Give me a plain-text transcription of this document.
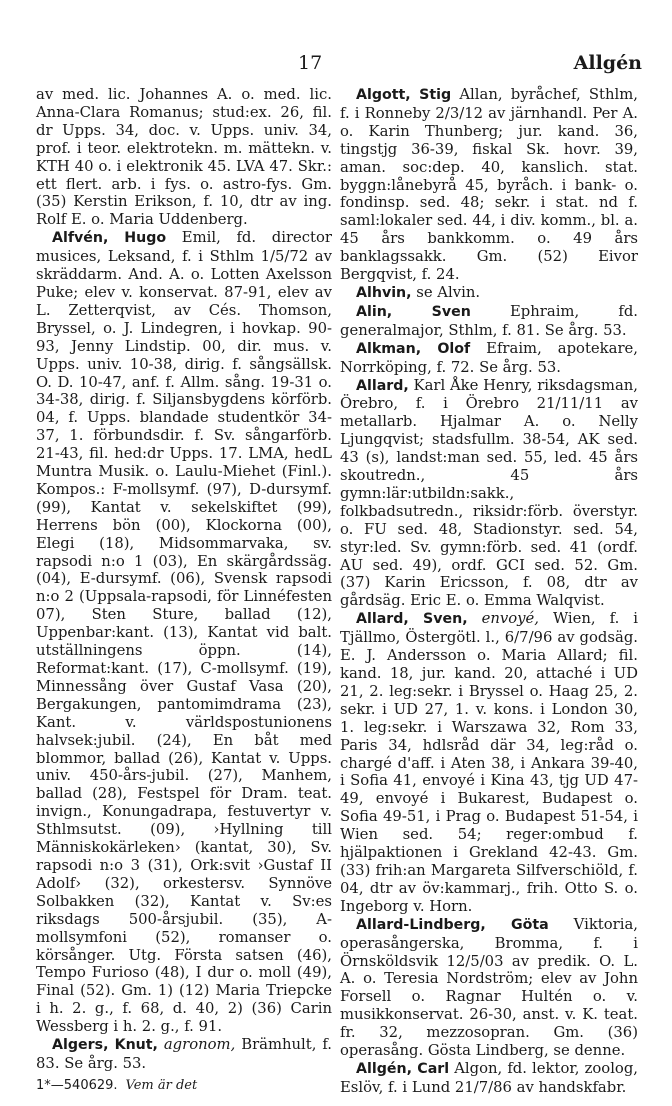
17	Allgén

av med. lic. Johannes A. o. med. lic. Anna-Clara Romanus; stud:ex. 26, fil. dr Upps. 34, doc. v. Upps. univ. 34, prof. i teor. elektrotekn. m. mättekn. v. KTH 40 o. i elektronik 45. LVA 47. Skr.: ett flert. arb. i fys. o. astro-fys. Gm. (35) Kerstin Erikson, f. 10, dtr av ing. Rolf E. o. Maria Uddenberg.

Alfvén, Hugo Emil, fd. director musices, Leksand, f. i Sthlm 1/5/72 av skräddarm. And. A. o. Lotten Axelsson Puke; elev v. konservat. 87-91, elev av L. Zetterqvist, av Cés. Thomson, Bryssel, o. J. Lindegren, i hovkap. 90-93, Jenny Lindstip. 00, dir. mus. v. Upps. univ. 10-38, dirig. f. sångsällsk. O. D. 10-47, anf. f. Allm. sång. 19-31 o. 34-38, dirig. f. Siljansbygdens körförb. 04, f. Upps. blandade studentkör 34-37, 1. förbundsdir. f. Sv. sångarförb. 21-43, fil. hed:dr Upps. 17. LMA, hedL Muntra Musik. o. Laulu-Miehet (Finl.). Kompos.: F-mollsymf. (97), D-dursymf. (99), Kantat v. sekelskiftet (99), Herrens bön (00), Klockorna (00), Elegi (18), Midsommarvaka, sv. rapsodi n:o 1 (03), En skärgårdssäg. (04), E-dursymf. (06), Svensk rapsodi n:o 2 (Uppsala-rapsodi, för Linnéfesten 07), Sten Sture, ballad (12), Uppenbar:kant. (13), Kantat vid balt. utställningens öppn. (14), Reformat:kant. (17), C-mollsymf. (19), Minnessång över Gustaf Vasa (20), Bergakungen, pantomimdrama (23), Kant. v. världspostunionens halvsek:jubil. (24), En båt med blommor, ballad (26), Kantat v. Upps. univ. 450-års-jubil. (27), Manhem, ballad (28), Festspel för Dram. teat. invign., Konungadrapa, festuvertyr v. Sthlmsutst. (09), ›Hyllning till Människokärleken› (kantat, 30), Sv. rapsodi n:o 3 (31), Ork:svit ›Gustaf II Adolf› (32), orkestersv. Synnöve Solbakken (32), Kantat v. Sv:es riksdags 500-årsjubil. (35), A-mollsymfoni (52), romanser o. körsånger. Utg. Första satsen (46), Tempo Furioso (48), I dur o. moll (49), Final (52). Gm. 1) (12) Maria Triepcke i h. 2. g., f. 68, d. 40, 2) (36) Carin Wessberg i h. 2. g., f. 91.

Algers, Knut, agronom, Brämhult, f. 83. Se årg. 53.

Algott, Stig Allan, byråchef, Sthlm, f. i Ronneby 2/3/12 av järnhandl. Per A. o. Karin Thunberg; jur. kand. 36, tingstjg 36-39, fiskal Sk. hovr. 39, aman. soc:dep. 40, kanslich. stat. byggn:lånebyrå 45, byråch. i bank- o. fondinsp. sed. 48; sekr. i stat. nd f. saml:lokaler sed. 44, i div. komm., bl. a. 45 års bankkomm. o. 49 års banklagssakk. Gm. (52) Eivor Bergqvist, f. 24.

Alhvin, se Alvin.

Alin, Sven Ephraim, fd. generalmajor, Sthlm, f. 81. Se årg. 53.

Alkman, Olof Efraim, apotekare, Norrköping, f. 72. Se årg. 53.

Allard, Karl Åke Henry, riksdagsman, Örebro, f. i Örebro 21/11/11 av metallarb. Hjalmar A. o. Nelly Ljungqvist; stadsfullm. 38-54, AK sed. 43 (s), landst:man sed. 55, led. 45 års skoutredn., 45 års gymn:lär:utbildn:sakk., folkbadsutredn., riksidr:förb. överstyr. o. FU sed. 48, Stadionstyr. sed. 54, styr:led. Sv. gymn:förb. sed. 41 (ordf. AU sed. 49), ordf. GCI sed. 52. Gm. (37) Karin Ericsson, f. 08, dtr av gårdsäg. Eric E. o. Emma Walqvist.

Allard, Sven, envoyé, Wien, f. i Tjällmo, Östergötl. l., 6/7/96 av godsäg. E. J. Andersson o. Maria Allard; fil. kand. 18, jur. kand. 20, attaché i UD 21, 2. leg:sekr. i Bryssel o. Haag 25, 2. sekr. i UD 27, 1. v. kons. i London 30, 1. leg:sekr. i Warszawa 32, Rom 33, Paris 34, hdlsråd där 34, leg:råd o. chargé d'aff. i Aten 38, i Ankara 39-40, i Sofia 41, envoyé i Kina 43, tjg UD 47-49, envoyé i Bukarest, Budapest o. Sofia 49-51, i Prag o. Budapest 51-54, i Wien sed. 54; reger:ombud f. hjälpaktionen i Grekland 42-43. Gm. (33) frih:an Margareta Silfverschiöld, f. 04, dtr av öv:kammarj., frih. Otto S. o. Ingeborg v. Horn.

Allard-Lindberg, Göta Viktoria, operasångerska, Bromma, f. i Örnsköldsvik 12/5/03 av predik. O. L. A. o. Teresia Nordström; elev av John Forsell o. Ragnar Hultén o. v. musikkonservat. 26-30, anst. v. K. teat. fr. 32, mezzosopran. Gm. (36) operasång. Gösta Lindberg, se denne.

Allgén, Carl Algon, fd. lektor, zoolog, Eslöv, f. i Lund 21/7/86 av handskfabr.

1*—540629. Vem är det
